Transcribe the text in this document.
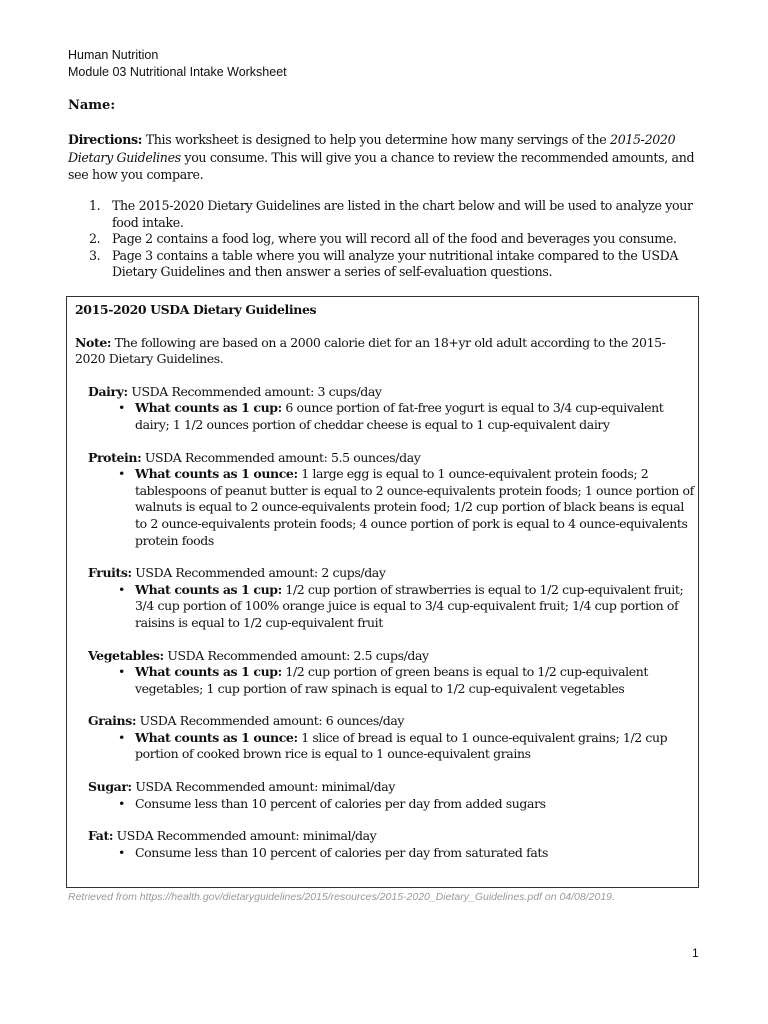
Human Nutrition
Module 03 Nutritional Intake Worksheet
Name:
Directions: This worksheet is designed to help you determine how many servings of the 2015-2020 Dietary Guidelines you consume. This will give you a chance to review the recommended amounts, and see how you compare.
1. The 2015-2020 Dietary Guidelines are listed in the chart below and will be used to analyze your food intake.
2. Page 2 contains a food log, where you will record all of the food and beverages you consume.
3. Page 3 contains a table where you will analyze your nutritional intake compared to the USDA Dietary Guidelines and then answer a series of self-evaluation questions.
2015-2020 USDA Dietary Guidelines
Note: The following are based on a 2000 calorie diet for an 18+yr old adult according to the 2015-2020 Dietary Guidelines.
Dairy: USDA Recommended amount: 3 cups/day
• What counts as 1 cup: 6 ounce portion of fat-free yogurt is equal to 3/4 cup-equivalent dairy; 1 1/2 ounces portion of cheddar cheese is equal to 1 cup-equivalent dairy
Protein: USDA Recommended amount: 5.5 ounces/day
• What counts as 1 ounce: 1 large egg is equal to 1 ounce-equivalent protein foods; 2 tablespoons of peanut butter is equal to 2 ounce-equivalents protein foods; 1 ounce portion of walnuts is equal to 2 ounce-equivalents protein food; 1/2 cup portion of black beans is equal to 2 ounce-equivalents protein foods; 4 ounce portion of pork is equal to 4 ounce-equivalents protein foods
Fruits: USDA Recommended amount: 2 cups/day
• What counts as 1 cup: 1/2 cup portion of strawberries is equal to 1/2 cup-equivalent fruit; 3/4 cup portion of 100% orange juice is equal to 3/4 cup-equivalent fruit; 1/4 cup portion of raisins is equal to 1/2 cup-equivalent fruit
Vegetables: USDA Recommended amount: 2.5 cups/day
• What counts as 1 cup: 1/2 cup portion of green beans is equal to 1/2 cup-equivalent vegetables; 1 cup portion of raw spinach is equal to 1/2 cup-equivalent vegetables
Grains: USDA Recommended amount: 6 ounces/day
• What counts as 1 ounce: 1 slice of bread is equal to 1 ounce-equivalent grains; 1/2 cup portion of cooked brown rice is equal to 1 ounce-equivalent grains
Sugar: USDA Recommended amount: minimal/day
• Consume less than 10 percent of calories per day from added sugars
Fat: USDA Recommended amount: minimal/day
• Consume less than 10 percent of calories per day from saturated fats
Retrieved from https://health.gov/dietaryguidelines/2015/resources/2015-2020_Dietary_Guidelines.pdf on 04/08/2019.
1
